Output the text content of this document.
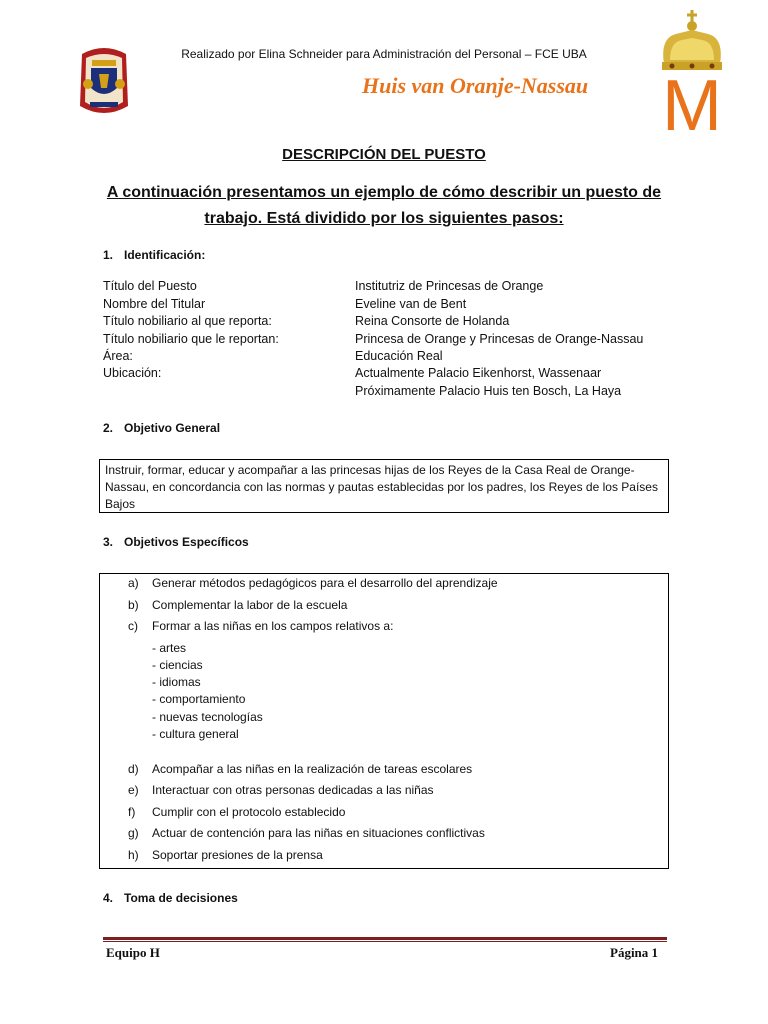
Realizado por Elina Schneider para Administración del Personal – FCE UBA
Huis van Oranje-Nassau M
DESCRIPCIÓN DEL PUESTO
A continuación presentamos un ejemplo de cómo describir un puesto de trabajo. Está dividido por los siguientes pasos:
1. Identificación:
Título del Puesto	Institutriz de Princesas de Orange
Nombre del Titular	Eveline van de Bent
Título nobiliario al que reporta:	Reina Consorte de Holanda
Título nobiliario que le reportan:	Princesa de Orange y Princesas de Orange-Nassau
Área:	Educación Real
Ubicación:	Actualmente Palacio Eikenhorst, Wassenaar
Próximamente Palacio Huis ten Bosch, La Haya
2. Objetivo General
Instruir, formar, educar y acompañar a las princesas hijas de los Reyes de la Casa Real de Orange-Nassau, en concordancia con las normas y pautas establecidas por los padres, los Reyes de los Países Bajos
3. Objetivos Específicos
a) Generar métodos pedagógicos para el desarrollo del aprendizaje
b) Complementar la labor de la escuela
c) Formar a las niñas en los campos relativos a:
- artes
- ciencias
- idiomas
- comportamiento
- nuevas tecnologías
- cultura general
d) Acompañar a las niñas en la realización de tareas escolares
e) Interactuar con otras personas dedicadas a las niñas
f) Cumplir con el protocolo establecido
g) Actuar de contención para las niñas en situaciones conflictivas
h) Soportar presiones de la prensa
4. Toma de decisiones
Equipo H	Página 1
